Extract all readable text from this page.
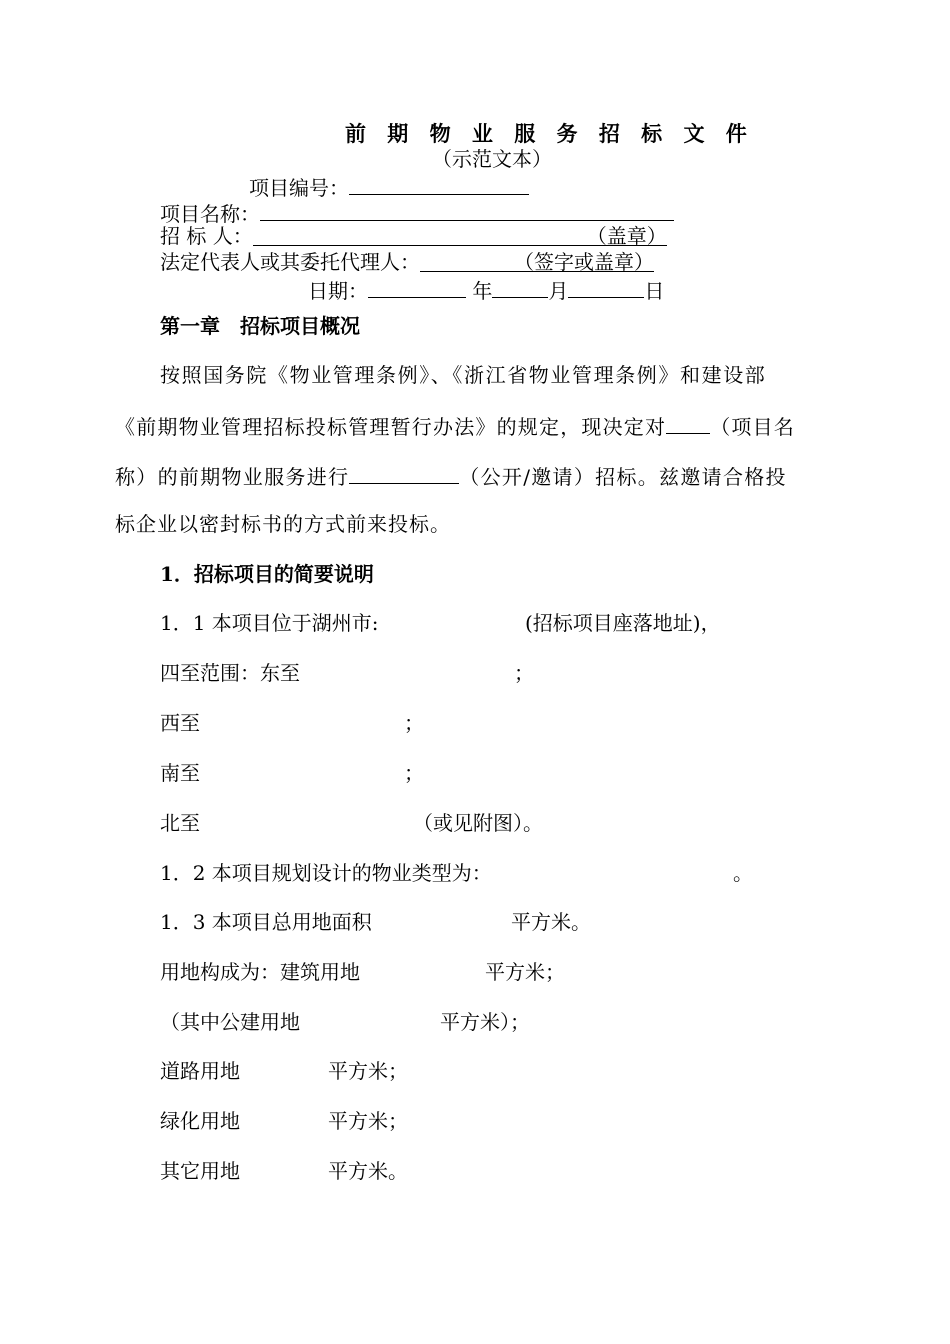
前 期 物 业 服 务 招 标 文 件
（示范文本）
项目编号：
项目名称：
招 标 人：	（盖章）
法定代表人或其委托代理人：	（签字或盖章）
日期：	年	月	日
第一章　招标项目概况
按照国务院《物业管理条例》、《浙江省物业管理条例》和建设部
《前期物业管理招标投标管理暂行办法》的规定，现决定对 （项目名
称）的前期物业服务进行	（公开/邀请）招标。兹邀请合格投
标企业以密封标书的方式前来投标。
1．招标项目的简要说明
1．1 本项目位于湖州市:	(招标项目座落地址)，
四至范围：东至	；
西至	；
南至	；
北至	（或见附图）。
1．2 本项目规划设计的物业类型为：	。
1．3 本项目总用地面积	平方米。
用地构成为：建筑用地	平方米；
（其中公建用地	平方米）；
道路用地	平方米；
绿化用地	平方米；
其它用地	平方米。
